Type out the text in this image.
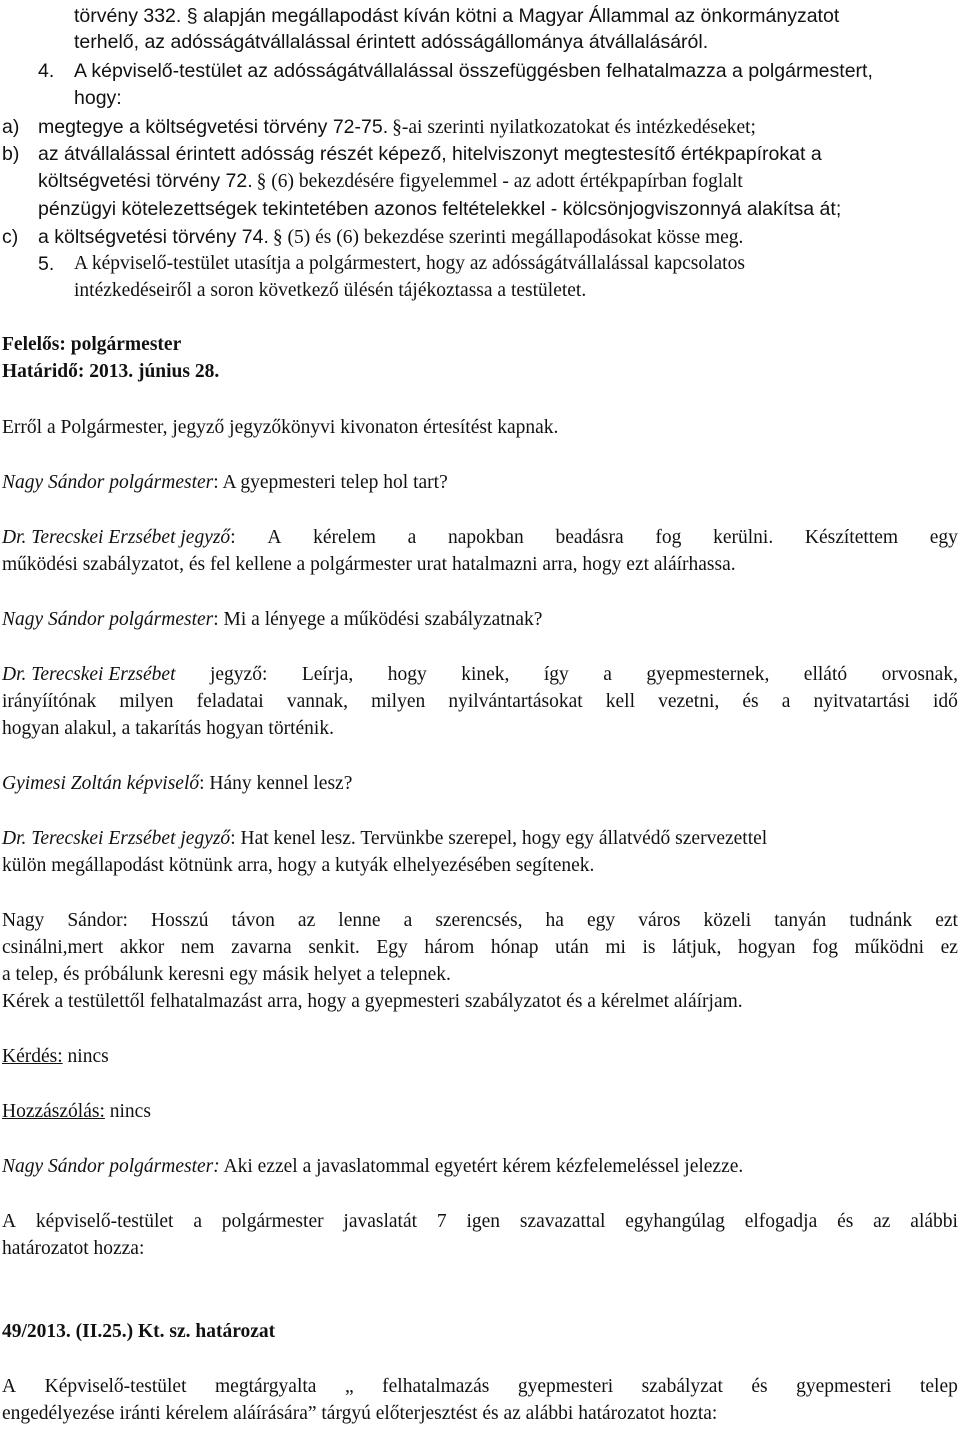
törvény 332. § alapján megállapodást kíván kötni a Magyar Állammal az önkormányzatot
terhelő, az adósságátvállalással érintett adósságállománya átvállalásáról.
4. A képviselő-testület az adósságátvállalással összefüggésben felhatalmazza a polgármestert,
hogy:
a) megtegye a költségvetési törvény 72-75. §-ai szerinti nyilatkozatokat és intézkedéseket;
b) az átvállalással érintett adósság részét képező, hitelviszonyt megtestesítő értékpapírokat a
költségvetési törvény 72. § (6) bekezdésére figyelemmel - az adott értékpapírban foglalt
pénzügyi kötelezettségek tekintetében azonos feltételekkel - kölcsönjogviszonnyá alakítsa át;
c) a költségvetési törvény 74. § (5) és (6) bekezdése szerinti megállapodásokat kösse meg.
5. A képviselő-testület utasítja a polgármestert, hogy az adósságátvállalással kapcsolatos
intézkedéseiről a soron következő ülésén tájékoztassa a testületet.
Felelős: polgármester
Határidő: 2013. június 28.
Erről a Polgármester, jegyző jegyzőkönyvi kivonaton értesítést kapnak.
Nagy Sándor polgármester: A gyepmesteri telep hol tart?
Dr. Terecskei Erzsébet jegyző : A kérelem a napokban beadásra fog kerülni. Készítettem egy
működési szabályzatot, és fel kellene a polgármester urat hatalmazni arra, hogy ezt aláírhassa.
Nagy Sándor polgármester: Mi a lényege a működési szabályzatnak?
Dr. Terecskei Erzsébet jegyző: Leírja, hogy kinek, így a gyepmesternek, ellátó orvosnak,
irányíítónak milyen feladatai vannak, milyen nyilvántartásokat kell vezetni, és a nyitvatartási idő
hogyan alakul, a takarítás hogyan történik.
Gyimesi Zoltán képviselő: Hány kennel lesz?
Dr. Terecskei Erzsébet jegyző: Hat kenel lesz. Tervünkbe szerepel, hogy egy állatvédő szervezettel
külön megállapodást kötnünk arra, hogy a kutyák elhelyezésében segítenek.
Nagy Sándor: Hosszú távon az lenne a szerencsés, ha egy város közeli tanyán tudnánk ezt
csinálni,mert akkor nem zavarna senkit. Egy három hónap után mi is látjuk, hogyan fog működni ez
a telep, és próbálunk keresni egy másik helyet a telepnek.
Kérek a testülettől felhatalmazást arra, hogy a gyepmesteri szabályzatot és a kérelmet aláírjam.
Kérdés: nincs
Hozzászólás: nincs
Nagy Sándor polgármester: Aki ezzel a javaslatommal egyetért kérem kézfelemeléssel jelezze.
A képviselő-testület a polgármester javaslatát 7 igen szavazattal egyhangúlag elfogadja és az alábbi
határozatot hozza:
49/2013. (II.25.) Kt. sz. határozat
A Képviselő-testület megtárgyalta „ felhatalmazás gyepmesteri szabályzat és gyepmesteri telep
engedélyezése iránti kérelem aláírására” tárgyú előterjesztést és az alábbi határozatot hozta:
